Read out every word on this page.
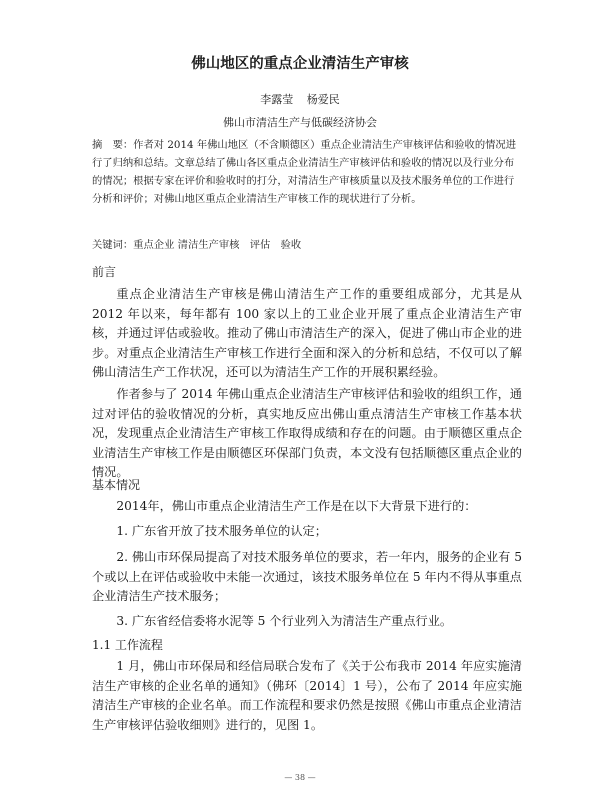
佛山地区的重点企业清洁生产审核
李露莹 杨爱民
佛山市清洁生产与低碳经济协会

摘　要：作者对 2014 年佛山地区（不含顺德区）重点企业清洁生产审核评估和验收的情况进行了归纳和总结。文章总结了佛山各区重点企业清洁生产审核评估和验收的情况以及行业分布的情况；根据专家在评价和验收时的打分，对清洁生产审核质量以及技术服务单位的工作进行分析和评价；对佛山地区重点企业清洁生产审核工作的现状进行了分析。

关键词：重点企业 清洁生产审核　评估　验收

前言

重点企业清洁生产审核是佛山清洁生产工作的重要组成部分，尤其是从 2012 年以来，每年都有 100 家以上的工业企业开展了重点企业清洁生产审核，并通过评估或验收。推动了佛山市清洁生产的深入，促进了佛山市企业的进步。对重点企业清洁生产审核工作进行全面和深入的分析和总结，不仅可以了解佛山清洁生产工作状况，还可以为清洁生产工作的开展积累经验。

作者参与了 2014 年佛山重点企业清洁生产审核评估和验收的组织工作，通过对评估的验收情况的分析，真实地反应出佛山重点清洁生产审核工作基本状况，发现重点企业清洁生产审核工作取得成绩和存在的问题。由于顺德区重点企业清洁生产审核工作是由顺德区环保部门负责，本文没有包括顺德区重点企业的情况。

基本情况

2014年，佛山市重点企业清洁生产工作是在以下大背景下进行的：

1. 广东省开放了技术服务单位的认定；

2. 佛山市环保局提高了对技术服务单位的要求，若一年内，服务的企业有 5 个或以上在评估或验收中未能一次通过，该技术服务单位在 5 年内不得从事重点企业清洁生产技术服务；

3. 广东省经信委将水泥等 5 个行业列入为清洁生产重点行业。

1.1 工作流程

1 月，佛山市环保局和经信局联合发布了《关于公布我市 2014 年应实施清洁生产审核的企业名单的通知》（佛环〔2014〕1 号），公布了 2014 年应实施清洁生产审核的企业名单。而工作流程和要求仍然是按照《佛山市重点企业清洁生产审核评估验收细则》进行的，见图 1。

— 38 —
